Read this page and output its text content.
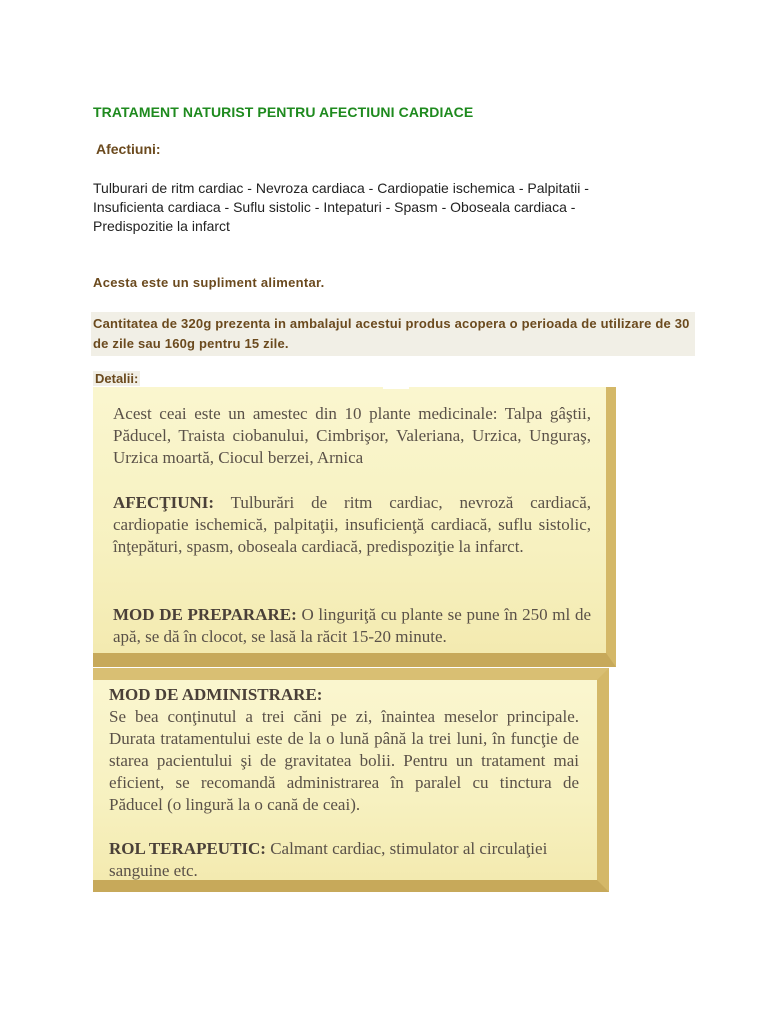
TRATAMENT NATURIST PENTRU AFECTIUNI CARDIACE
Afectiuni:
Tulburari de ritm cardiac - Nevroza cardiaca - Cardiopatie ischemica - Palpitatii - Insuficienta cardiaca - Suflu sistolic - Intepaturi - Spasm - Oboseala cardiaca - Predispozitie la infarct
Acesta este un supliment alimentar.
Cantitatea de 320g prezenta in ambalajul acestui produs acopera o perioada de utilizare de 30 de zile sau 160g pentru 15 zile.
Detalii:
Acest ceai este un amestec din 10 plante medicinale: Talpa gâştii, Păducel, Traista ciobanului, Cimbrişor, Valeriana, Urzica, Unguraş, Urzica moartă, Ciocul berzei, Arnica
AFECŢIUNI: Tulburări de ritm cardiac, nevroză cardiacă, cardiopatie ischemică, palpitaţii, insuficienţă cardiacă, suflu sistolic, înţepături, spasm, oboseala cardiacă, predispoziţie la infarct.
MOD DE PREPARARE: O linguriţă cu plante se pune în 250 ml de apă, se dă în clocot, se lasă la răcit 15-20 minute.
MOD DE ADMINISTRARE:
Se bea conţinutul a trei căni pe zi, înaintea meselor principale. Durata tratamentului este de la o lună până la trei luni, în funcţie de starea pacientului şi de gravitatea bolii. Pentru un tratament mai eficient, se recomandă administrarea în paralel cu tinctura de Păducel (o lingură la o cană de ceai).
ROL TERAPEUTIC: Calmant cardiac, stimulator al circulaţiei sanguine etc.
